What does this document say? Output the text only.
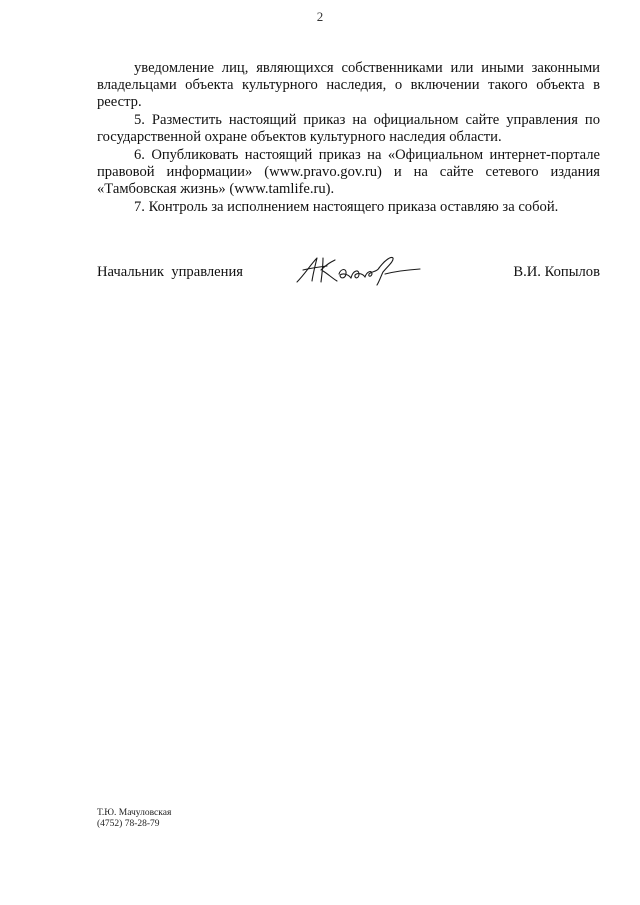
2

уведомление лиц, являющихся собственниками или иными законными владельцами объекта культурного наследия, о включении такого объекта в реестр.

5. Разместить настоящий приказ на официальном сайте управления по государственной охране объектов культурного наследия области.

6. Опубликовать настоящий приказ на «Официальном интернет-портале правовой информации» (www.pravo.gov.ru) и на сайте сетевого издания «Тамбовская жизнь» (www.tamlife.ru).

7. Контроль за исполнением настоящего приказа оставляю за собой.

Начальник  управления	В.И. Копылов
Т.Ю. Мачуловская
(4752) 78-28-79
